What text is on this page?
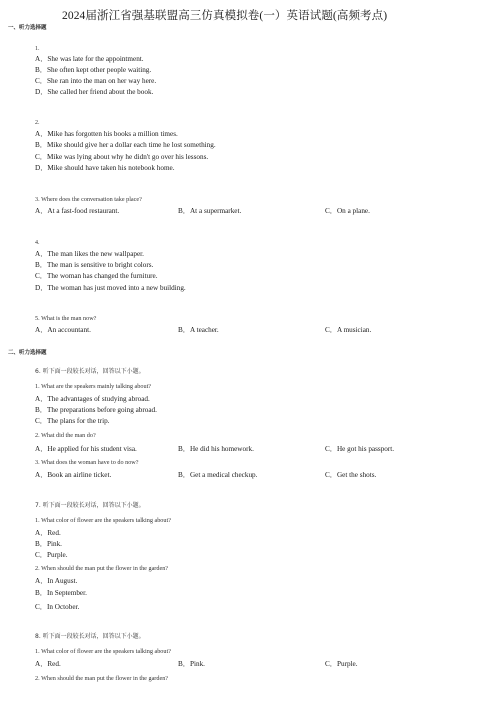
2024届浙江省强基联盟高三仿真模拟卷(一）英语试题(高频考点)
一、听力选择题
1.
A．She was late for the appointment.
B．She often kept other people waiting.
C．She ran into the man on her way here.
D．She called her friend about the book.
2.
A．Mike has forgotten his books a million times.
B．Mike should give her a dollar each time he lost something.
C．Mike was lying about why he didn't go over his lessons.
D．Mike should have taken his notebook home.
3. Where does the conversation take place?
A．At a fast-food restaurant.	B．At a supermarket.	C．On a plane.
4.
A．The man likes the new wallpaper.
B．The man is sensitive to bright colors.
C．The woman has changed the furniture.
D．The woman has just moved into a new building.
5. What is the man now?
A．An accountant.	B．A teacher.	C．A musician.
二、听力选择题
6. 听下面一段较长对话，回答以下小题。
1. What are the speakers mainly talking about?
A．The advantages of studying abroad.
B．The preparations before going abroad.
C．The plans for the trip.
2. What did the man do?
A．He applied for his student visa.	B．He did his homework.	C．He got his passport.
3. What does the woman have to do now?
A．Book an airline ticket.	B．Get a medical checkup.	C．Get the shots.
7. 听下面一段较长对话，回答以下小题。
1. What color of flower are the speakers talking about?
A．Red.
B．Pink.
C．Purple.
2. When should the man put the flower in the garden?
A．In August.
B．In September.
C．In October.
8. 听下面一段较长对话，回答以下小题。
1. What color of flower are the speakers talking about?
A．Red.	B．Pink.	C．Purple.
2. When should the man put the flower in the garden?
